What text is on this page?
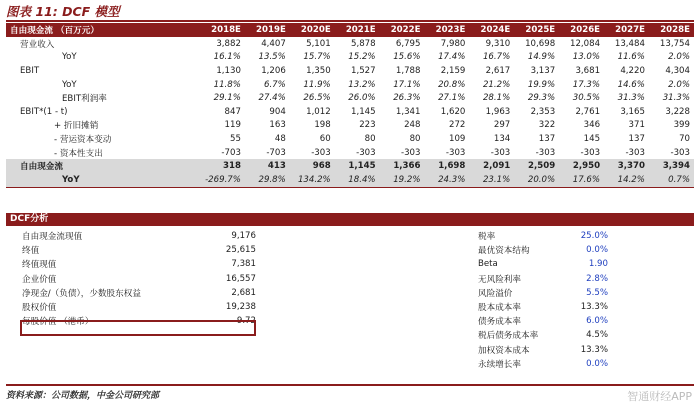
图表 11: DCF 模型
自由现金流 （百万元）	2018E	2019E	2020E	2021E	2022E	2023E	2024E	2025E	2026E	2027E	2028E
营业收入	3,882	4,407	5,101	5,878	6,795	7,980	9,310	10,698	12,084	13,484	13,754
YoY	16.1%	13.5%	15.7%	15.2%	15.6%	17.4%	16.7%	14.9%	13.0%	11.6%	2.0%
EBIT	1,130	1,206	1,350	1,527	1,788	2,159	2,617	3,137	3,681	4,220	4,304
YoY	11.8%	6.7%	11.9%	13.2%	17.1%	20.8%	21.2%	19.9%	17.3%	14.6%	2.0%
EBIT利润率	29.1%	27.4%	26.5%	26.0%	26.3%	27.1%	28.1%	29.3%	30.5%	31.3%	31.3%
EBIT*(1 - t)	847	904	1,012	1,145	1,341	1,620	1,963	2,353	2,761	3,165	3,228
+ 折旧摊销	119	163	198	223	248	272	297	322	346	371	399
- 营运资本变动	55	48	60	80	80	109	134	137	145	137	70
- 资本性支出	-703	-703	-303	-303	-303	-303	-303	-303	-303	-303	-303
自由现金流	318	413	968	1,145	1,366	1,698	2,091	2,509	2,950	3,370	3,394
YoY	-269.7%	29.8%	134.2%	18.4%	19.2%	24.3%	23.1%	20.0%	17.6%	14.2%	0.7%
DCF分析
自由现金流现值	9,176
终值	25,615
终值现值	7,381
企业价值	16,557
净现金/（负债），少数股东权益	2,681
股权价值	19,238
每股价值 （港币）	9.72
税率	25.0%
最优资本结构	0.0%
Beta	1.90
无风险利率	2.8%
风险溢价	5.5%
股本成本率	13.3%
债务成本率	6.0%
税后债务成本率	4.5%
加权资本成本	13.3%
永续增长率	0.0%
资料来源：公司数据，中金公司研究部	智通财经APP
